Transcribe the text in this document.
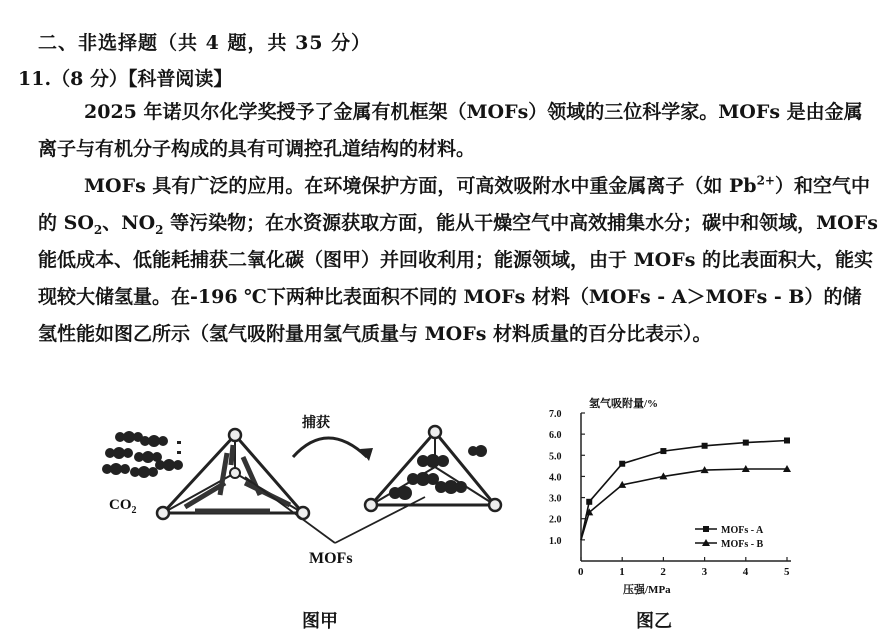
二、非选择题（共 4 题，共 35 分）
11.（8 分）【科普阅读】
2025 年诺贝尔化学奖授予了金属有机框架（MOFs）领域的三位科学家。MOFs 是由金属离子与有机分子构成的具有可调控孔道结构的材料。
MOFs 具有广泛的应用。在环境保护方面，可高效吸附水中重金属离子（如 $Pb^{2+}$）和空气中的 $SO_2$、$NO_2$ 等污染物；在水资源获取方面，能从干燥空气中高效捕集水分；碳中和领域，MOFs 能低成本、低能耗捕获二氧化碳（图甲）并回收利用；能源领域，由于 MOFs 的比表面积大，能实现较大储氢量。在-196 ℃下两种比表面积不同的 MOFs 材料（MOFs - A＞MOFs - B）的储氢性能如图乙所示（氢气吸附量用氢气质量与 MOFs 材料质量的百分比表示）。
$CO_2$
捕获
MOFs
氢气吸附量/%
压强/MPa
0	1	2	3	4	5
1.0
2.0
3.0
4.0
5.0
6.0
7.0
MOFs - A
MOFs - B
图甲	图乙
